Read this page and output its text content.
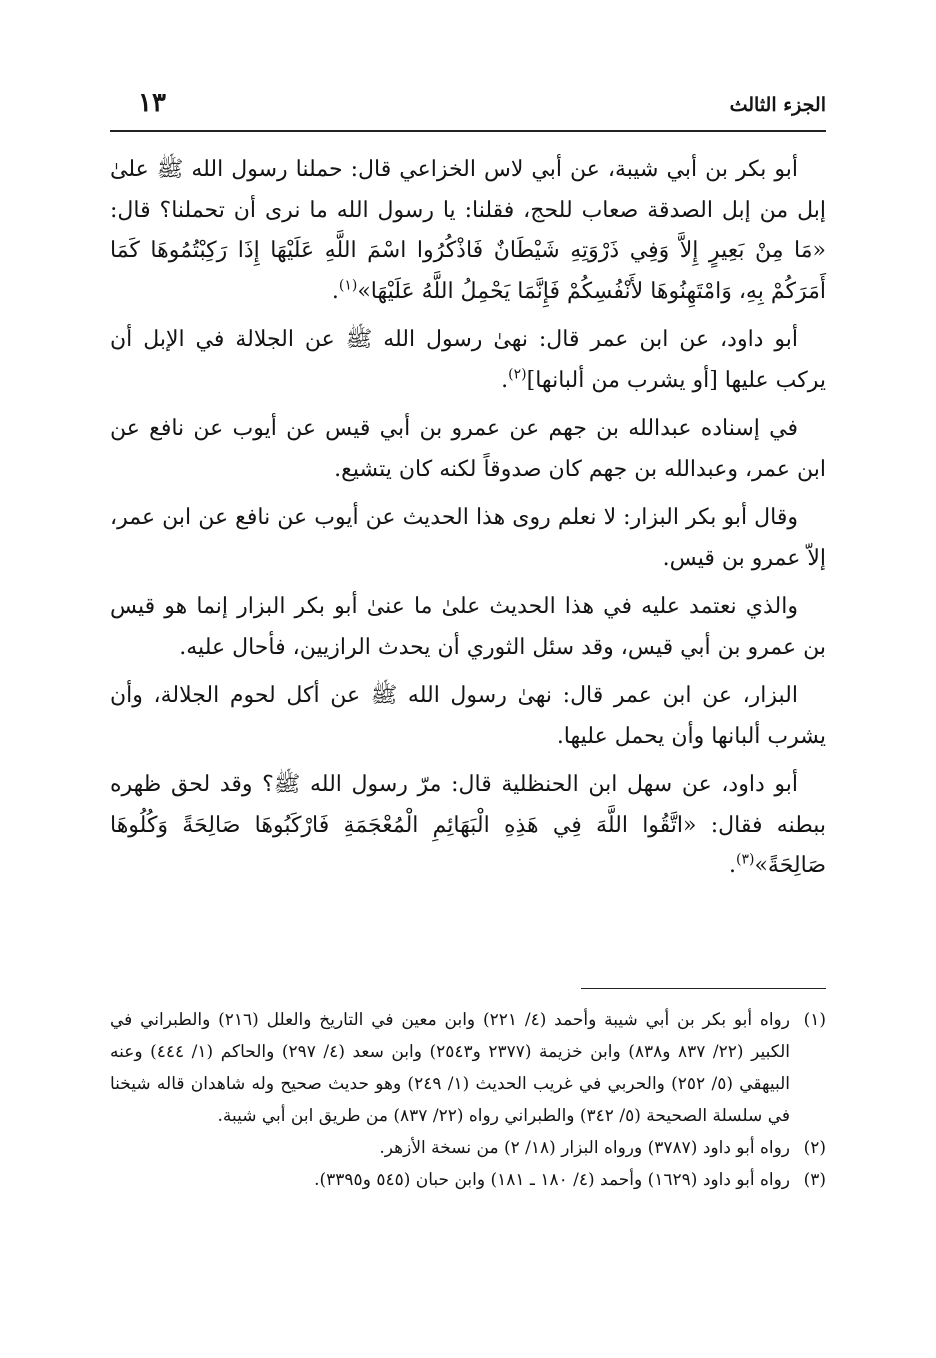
الجزء الثالث
١٣

أبو بكر بن أبي شيبة، عن أبي لاس الخزاعي قال: حملنا رسول الله ﷺ علىٰ إبل من إبل الصدقة صعاب للحج، فقلنا: يا رسول الله ما نرى أن تحملنا؟ قال: «مَا مِنْ بَعِيرٍ إِلاَّ وَفِي ذَرْوَتِهِ شَيْطَانٌ فَاذْكُرُوا اسْمَ اللَّهِ عَلَيْهَا إِذَا رَكِبْتُمُوهَا كَمَا أَمَرَكُمْ بِهِ، وَامْتَهِنُوهَا لأَنْفُسِكُمْ فَإِنَّمَا يَحْمِلُ اللَّهُ عَلَيْهَا»$^{(١)}$.

أبو داود، عن ابن عمر قال: نهىٰ رسول الله ﷺ عن الجلالة في الإبل أن يركب عليها [أو يشرب من ألبانها]$^{(٢)}$.

في إسناده عبدالله بن جهم عن عمرو بن أبي قيس عن أيوب عن نافع عن ابن عمر، وعبدالله بن جهم كان صدوقاً لكنه كان يتشيع.

وقال أبو بكر البزار: لا نعلم روى هذا الحديث عن أيوب عن نافع عن ابن عمر، إلاّ عمرو بن قيس.

والذي نعتمد عليه في هذا الحديث علىٰ ما عنىٰ أبو بكر البزار إنما هو قيس بن عمرو بن أبي قيس، وقد سئل الثوري أن يحدث الرازيين، فأحال عليه.

البزار، عن ابن عمر قال: نهىٰ رسول الله ﷺ عن أكل لحوم الجلالة، وأن يشرب ألبانها وأن يحمل عليها.

أبو داود، عن سهل ابن الحنظلية قال: مرّ رسول الله ﷺ؟ وقد لحق ظهره ببطنه فقال: «اتَّقُوا اللَّهَ فِي هَذِهِ الْبَهَائِمِ الْمُعْجَمَةِ فَارْكَبُوهَا صَالِحَةً وَكُلُوهَا صَالِحَةً»$^{(٣)}$.

(١)
رواه أبو بكر بن أبي شيبة وأحمد (٤/ ٢٢١) وابن معين في التاريخ والعلل (٢١٦) والطبراني في الكبير (٢٢/ ٨٣٧ و٨٣٨) وابن خزيمة (٢٣٧٧ و٢٥٤٣) وابن سعد (٤/ ٢٩٧) والحاكم (١/ ٤٤٤) وعنه البيهقي (٥/ ٢٥٢) والحربي في غريب الحديث (١/ ٢٤٩) وهو حديث صحيح وله شاهدان قاله شيخنا في سلسلة الصحيحة (٥/ ٣٤٢) والطبراني رواه (٢٢/ ٨٣٧) من طريق ابن أبي شيبة.
(٢)
رواه أبو داود (٣٧٨٧) ورواه البزار (١٨/ ٢) من نسخة الأزهر.
(٣)
رواه أبو داود (١٦٢٩) وأحمد (٤/ ١٨٠ ـ ١٨١) وابن حبان (٥٤٥ و٣٣٩٥).
